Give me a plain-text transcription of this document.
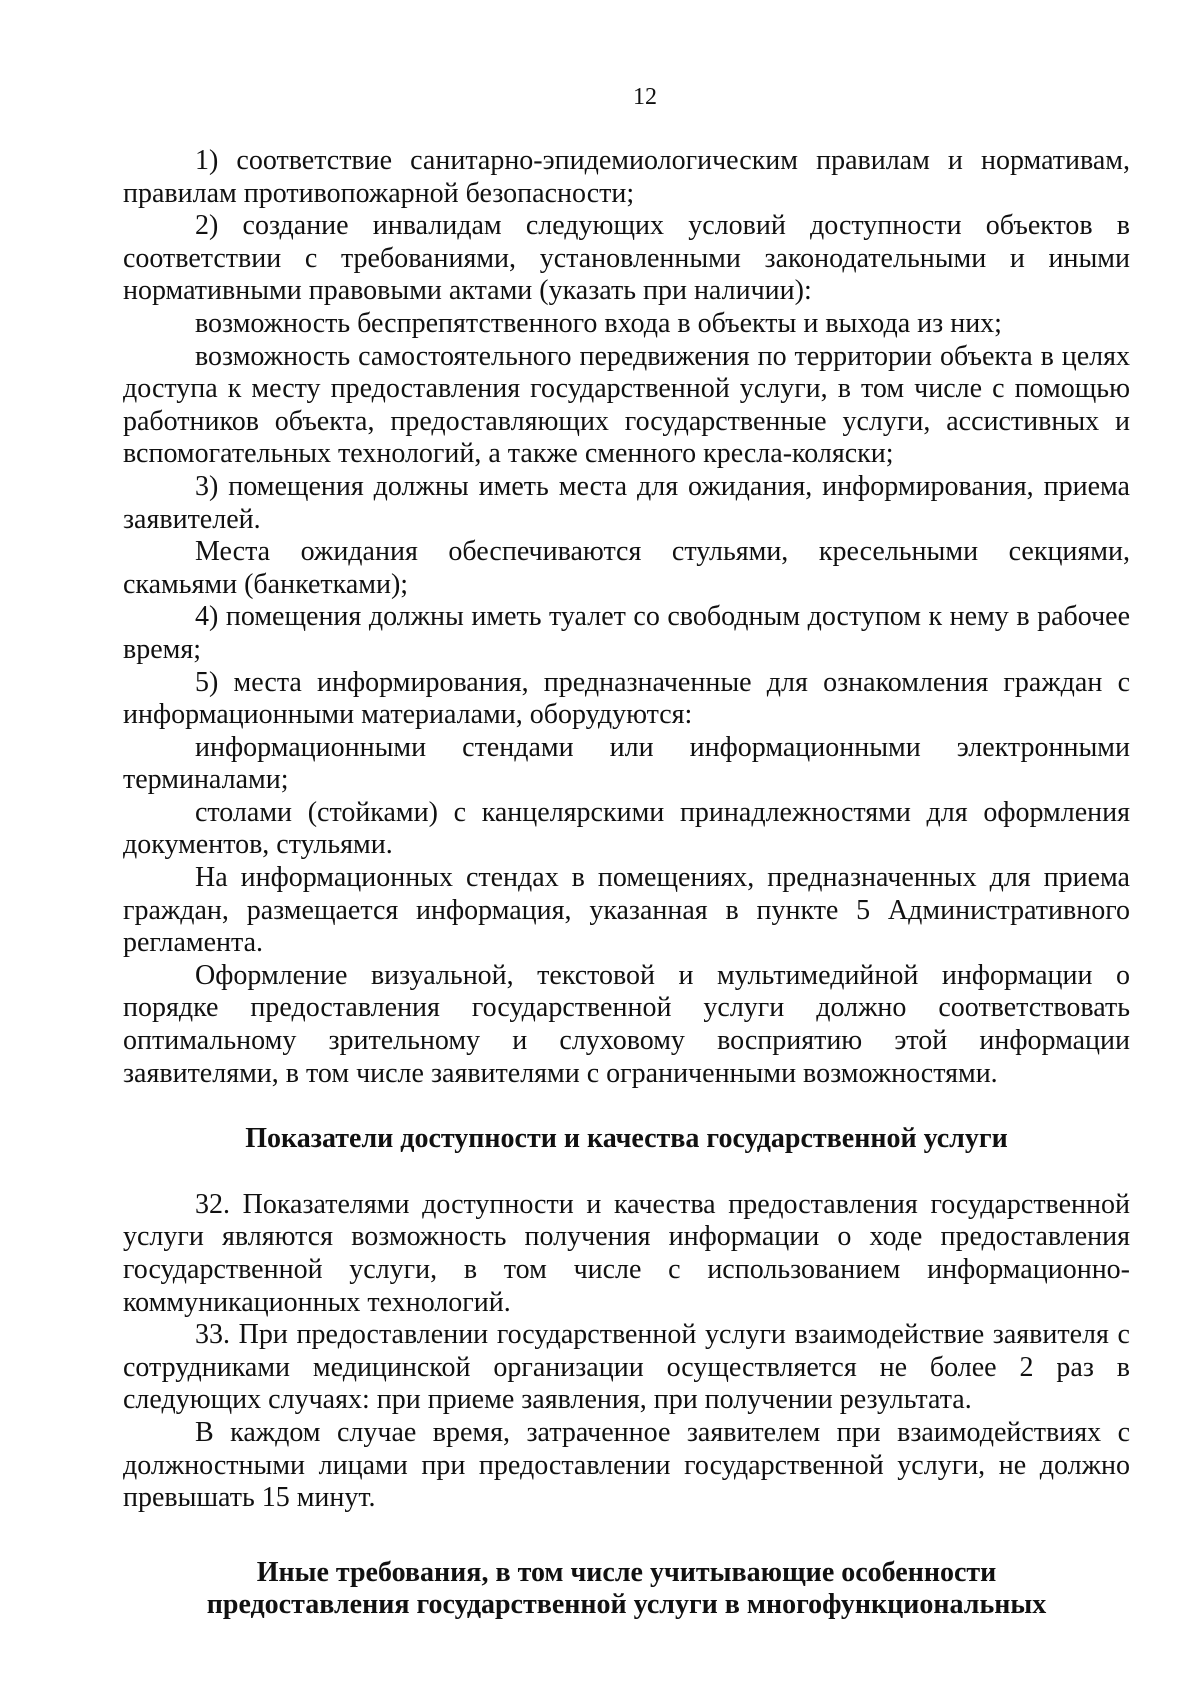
12

1) соответствие санитарно-эпидемиологическим правилам и нормативам, правилам противопожарной безопасности;

2) создание инвалидам следующих условий доступности объектов в соответствии с требованиями, установленными законодательными и иными нормативными правовыми актами (указать при наличии):

возможность беспрепятственного входа в объекты и выхода из них;

возможность самостоятельного передвижения по территории объекта в целях доступа к месту предоставления государственной услуги, в том числе с помощью работников объекта, предоставляющих государственные услуги, ассистивных и вспомогательных технологий, а также сменного кресла-коляски;

3) помещения должны иметь места для ожидания, информирования, приема заявителей.

Места ожидания обеспечиваются стульями, кресельными секциями, скамьями (банкетками);

4) помещения должны иметь туалет со свободным доступом к нему в рабочее время;

5) места информирования, предназначенные для ознакомления граждан с информационными материалами, оборудуются:

информационными стендами или информационными электронными терминалами;

столами (стойками) с канцелярскими принадлежностями для оформления документов, стульями.

На информационных стендах в помещениях, предназначенных для приема граждан, размещается информация, указанная в пункте 5 Административного регламента.

Оформление визуальной, текстовой и мультимедийной информации о порядке предоставления государственной услуги должно соответствовать оптимальному зрительному и слуховому восприятию этой информации заявителями, в том числе заявителями с ограниченными возможностями.

Показатели доступности и качества государственной услуги

32. Показателями доступности и качества предоставления государственной услуги являются возможность получения информации о ходе предоставления государственной услуги, в том числе с использованием информационно-коммуникационных технологий.

33. При предоставлении государственной услуги взаимодействие заявителя с сотрудниками медицинской организации осуществляется не более 2 раз в следующих случаях: при приеме заявления, при получении результата.

В каждом случае время, затраченное заявителем при взаимодействиях с должностными лицами при предоставлении государственной услуги, не должно превышать 15 минут.

Иные требования, в том числе учитывающие особенности
предоставления государственной услуги в многофункциональных
